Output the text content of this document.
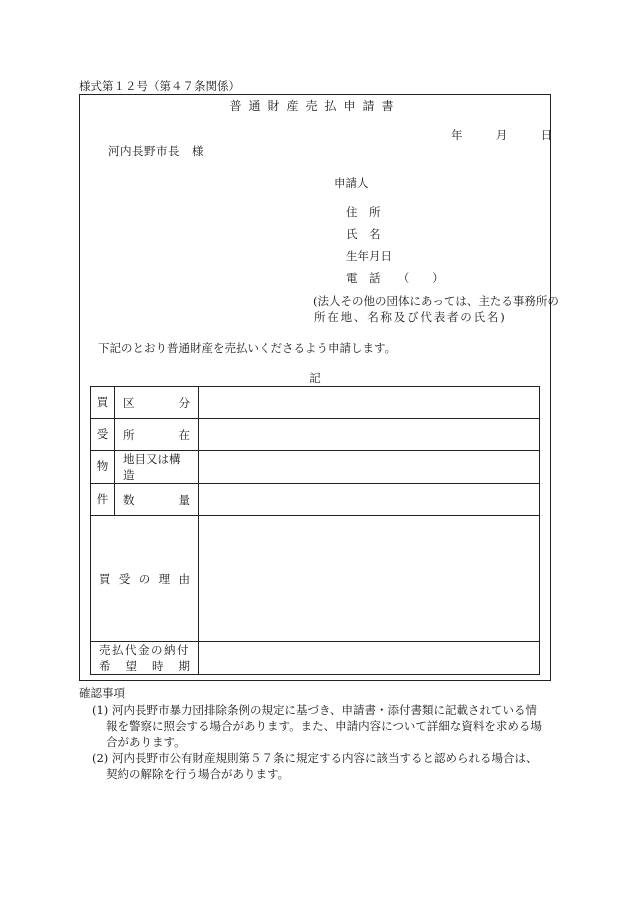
様式第１２号（第４７条関係）
普通財産売払申請書
年	月	日
河内長野市長　様
申請人
住　所
氏　名
生年月日
電　話　　（　　）
(法人その他の団体にあっては、主たる事務所の
所在地、名称及び代表者の氏名)
下記のとおり普通財産を売払いくださるよう申請します。
記
買	区 分	

受	所 在	

物	地目又は構造	

件	数 量	

買 受 の 理 由		

売払代金の納付
希 望 時 期		

確認事項
(1) 河内長野市暴力団排除条例の規定に基づき、申請書・添付書類に記載されている情
報を警察に照会する場合があります。また、申請内容について詳細な資料を求める場
合があります。
(2) 河内長野市公有財産規則第５７条に規定する内容に該当すると認められる場合は、
契約の解除を行う場合があります。
